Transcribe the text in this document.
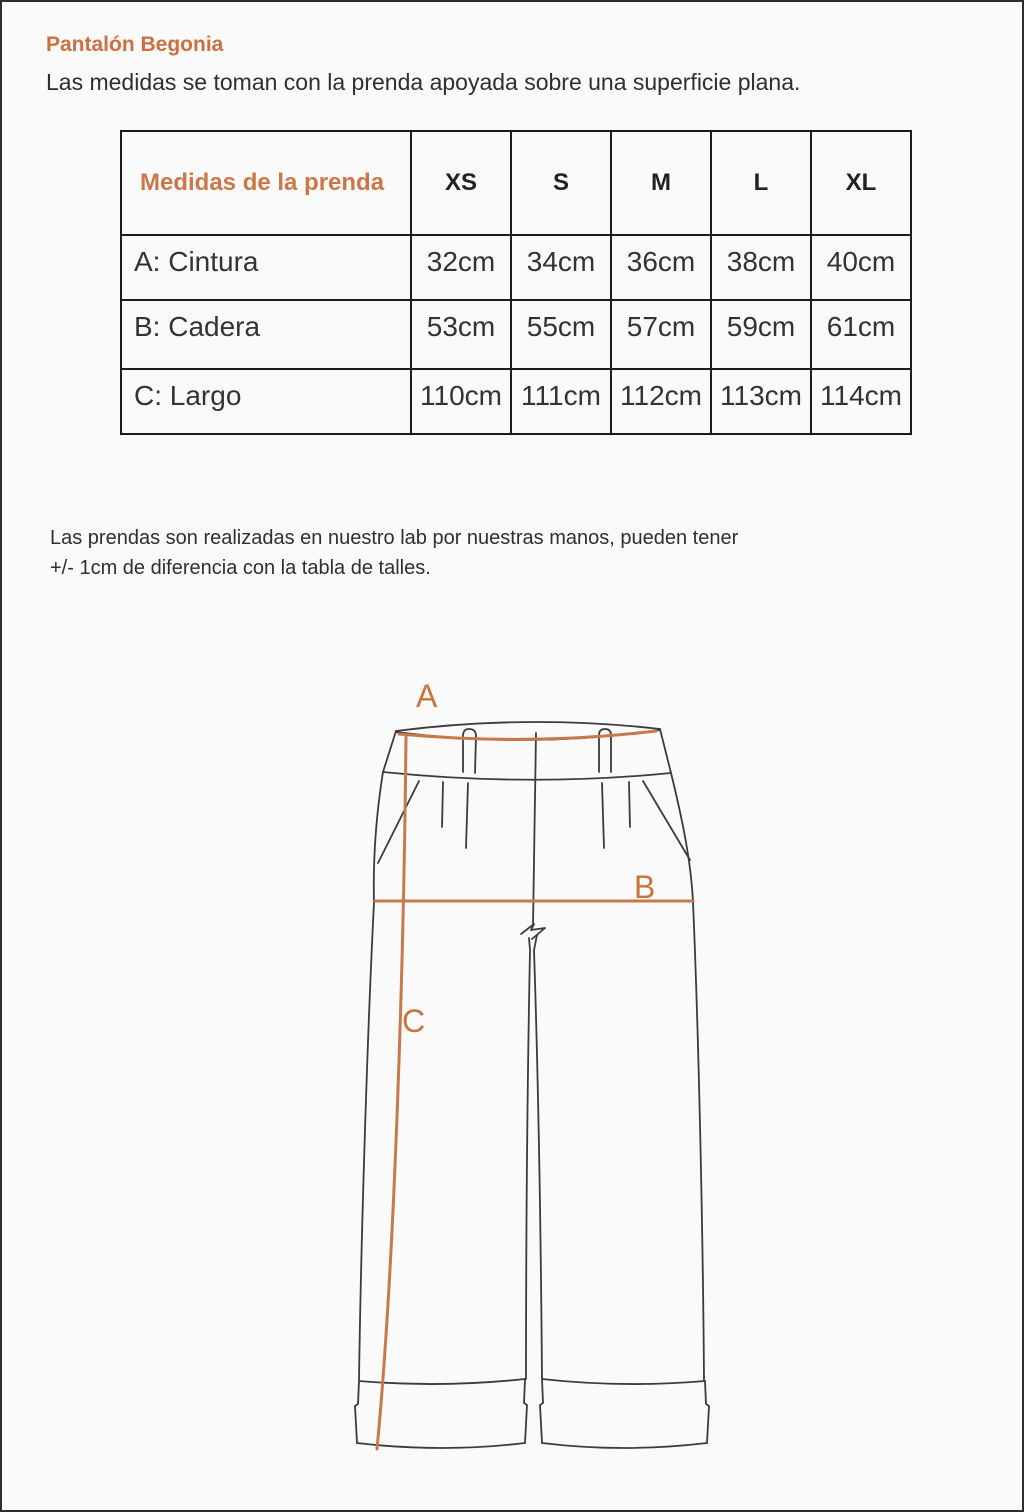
Pantalón Begonia
Las medidas se toman con la prenda apoyada sobre una superficie plana.
Medidas de la prenda	XS	S	M	L	XL
A: Cintura	32cm	34cm	36cm	38cm	40cm
B: Cadera	53cm	55cm	57cm	59cm	61cm
C: Largo	110cm	111cm	112cm	113cm	114cm
Las prendas son realizadas en nuestro lab por nuestras manos, pueden tener
+/- 1cm de diferencia con la tabla de talles.
A
B
C
